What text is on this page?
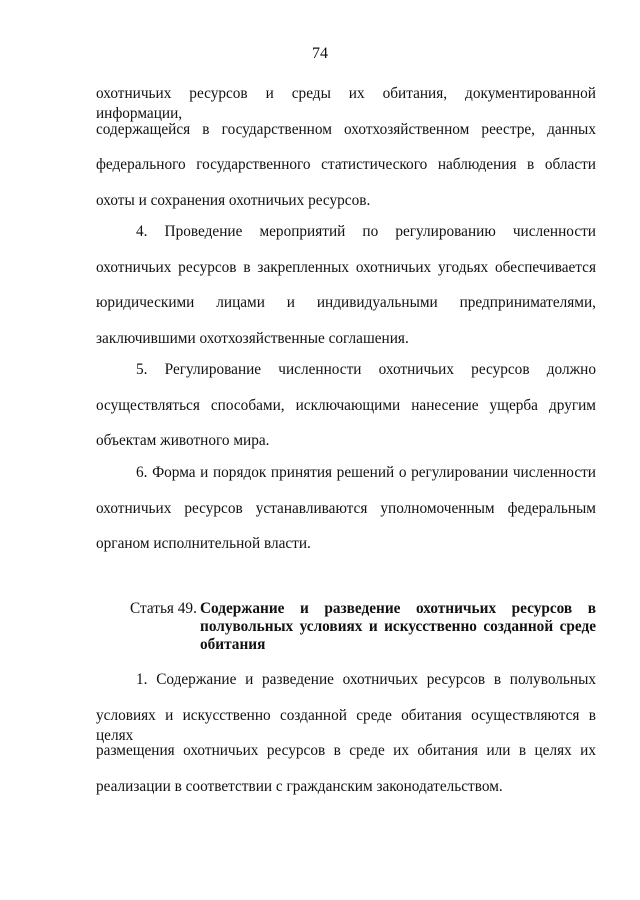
74
охотничьих ресурсов и среды их обитания, документированной информации,
содержащейся в государственном охотхозяйственном реестре, данных
федерального государственного статистического наблюдения в области
охоты и сохранения охотничьих ресурсов.
4. Проведение мероприятий по регулированию численности
охотничьих ресурсов в закрепленных охотничьих угодьях обеспечивается
юридическими лицами и индивидуальными предпринимателями,
заключившими охотхозяйственные соглашения.
5. Регулирование численности охотничьих ресурсов должно
осуществляться способами, исключающими нанесение ущерба другим
объектам животного мира.
6. Форма и порядок принятия решений о регулировании численности
охотничьих ресурсов устанавливаются уполномоченным федеральным
органом исполнительной власти.
Статья 49. Содержание и разведение охотничьих ресурсов в
полувольных условиях и искусственно созданной среде
обитания
1. Содержание и разведение охотничьих ресурсов в полувольных
условиях и искусственно созданной среде обитания осуществляются в целях
размещения охотничьих ресурсов в среде их обитания или в целях их
реализации в соответствии с гражданским законодательством.
